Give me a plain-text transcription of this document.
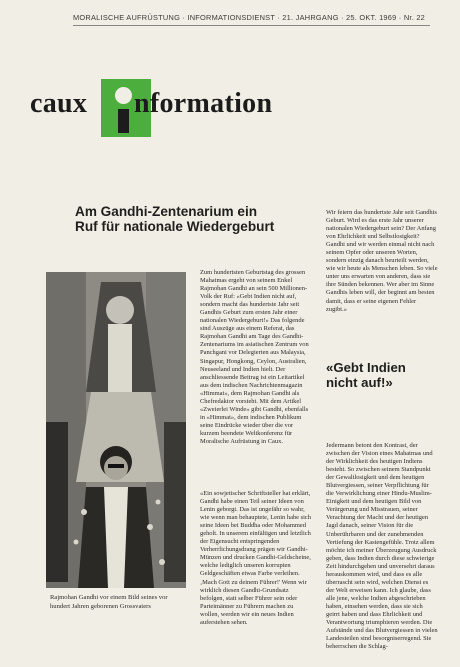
MORALISCHE AUFRÜSTUNG · INFORMATIONSDIENST · 21. JAHRGANG · 25. OKT. 1969 · Nr. 22
caux nformation
Am Gandhi-Zentenarium ein Ruf für nationale Wiedergeburt
Rajmohan Gandhi vor einem Bild seines vor hundert Jahren geborenen Grossvaters

Zum hundertsten Geburtstag des grossen Mahatmas ergeht von seinem Enkel Rajmohan Gandhi an sein 500 Millionen-Volk der Ruf: «Gebt Indien nicht auf, sondern macht das hundertste Jahr seit Gandhis Geburt zum ersten Jahr einer nationalen Wiedergeburt!» Das folgende sind Auszüge aus einem Referat, das Rajmohan Gandhi am Tage des Gandhi-Zentenariums im asiatischen Zentrum von Panchgani vor Delegierten aus Malaysia, Singapur, Hongkong, Ceylon, Australien, Neuseeland und Indien hielt. Der anschliessende Beitrag ist ein Leitartikel aus dem indischen Nachrichtenmagazin «Himmat», dem Rajmohan Gandhi als Chefredaktor vorsteht. Mit dem Artikel «Zweierlei Winde» gibt Gandhi, ebenfalls in «Himmat», dem indischen Publikum seine Eindrücke wieder über die vor kurzem beendete Weltkonferenz für Moralische Aufrüstung in Caux.

«Ein sowjetischer Schriftsteller hat erklärt, Gandhi habe einen Teil seiner Ideen von Lenin geborgt. Das ist ungefähr so wahr, wie wenn man behauptete, Lenin habe sich seine Ideen bei Buddha oder Mohammed geholt. In unserem einfältigen und letztlich der Eigensucht entspringenden Verherrlichungsdrang prägen wir Gandhi-Münzen und drucken Gandhi-Geldscheine, welche lediglich unseren korrupten Geldgeschäften etwas Farbe verleihen. ‚Mach Gott zu deinem Führer!' Wenn wir wirklich diesen Gandhi-Grundsatz befolgen, statt selber Führer sein oder Parteimänner zu Führern machen zu wollen, werden wir ein neues Indien auferstehen sehen.

Wir feiern das hundertste Jahr seit Gandhis Geburt. Wird es das erste Jahr unserer nationalen Wiedergeburt sein? Der Anfang von Ehrlichkeit und Selbstlosigkeit? Gandhi und wir werden einmal nicht nach seinem Opfer oder unseren Worten, sondern einzig danach beurteilt werden, wie wir heute als Menschen leben. So viele unter uns erwarten von anderen, dass sie ihre Sünden bekennen. Wer aber im Sinne Gandhis leben will, der beginnt am besten damit, dass er seine eigenen Fehler zugibt.»

«Gebt Indien nicht auf!»

Jedermann betont den Kontrast, der zwischen der Vision eines Mahatmas und der Wirklichkeit des heutigen Indiens besteht. So zwischen seinem Standpunkt der Gewaltlosigkeit und dem heutigen Blutvergiessen, seiner Verpflichtung für die Verwirklichung einer Hindu-Muslim-Einigkeit und dem heutigen Bild von Verärgerung und Misstrauen, seiner Verachtung der Macht und der heutigen Jagd danach, seiner Vision für die Unberührbaren und der zunehmenden Vertiefung der Kastengefühle. Trotz allem möchte ich meiner Überzeugung Ausdruck geben, dass Indien durch diese schwierige Zeit hindurchgehen und unversehrt daraus herauskommen wird, und dass es alle überrascht sein wird, welchen Dienst es der Welt erweisen kann. Ich glaube, dass alle jene, welche Indien abgeschrieben haben, einsehen werden, dass sie sich geirrt haben und dass Ehrlichkeit und Verantwortung triumphieren werden. Die Aufstände und das Blutvergiessen in vielen Landesteilen sind besorgniserregend. Sie beherrschen die Schlag-
